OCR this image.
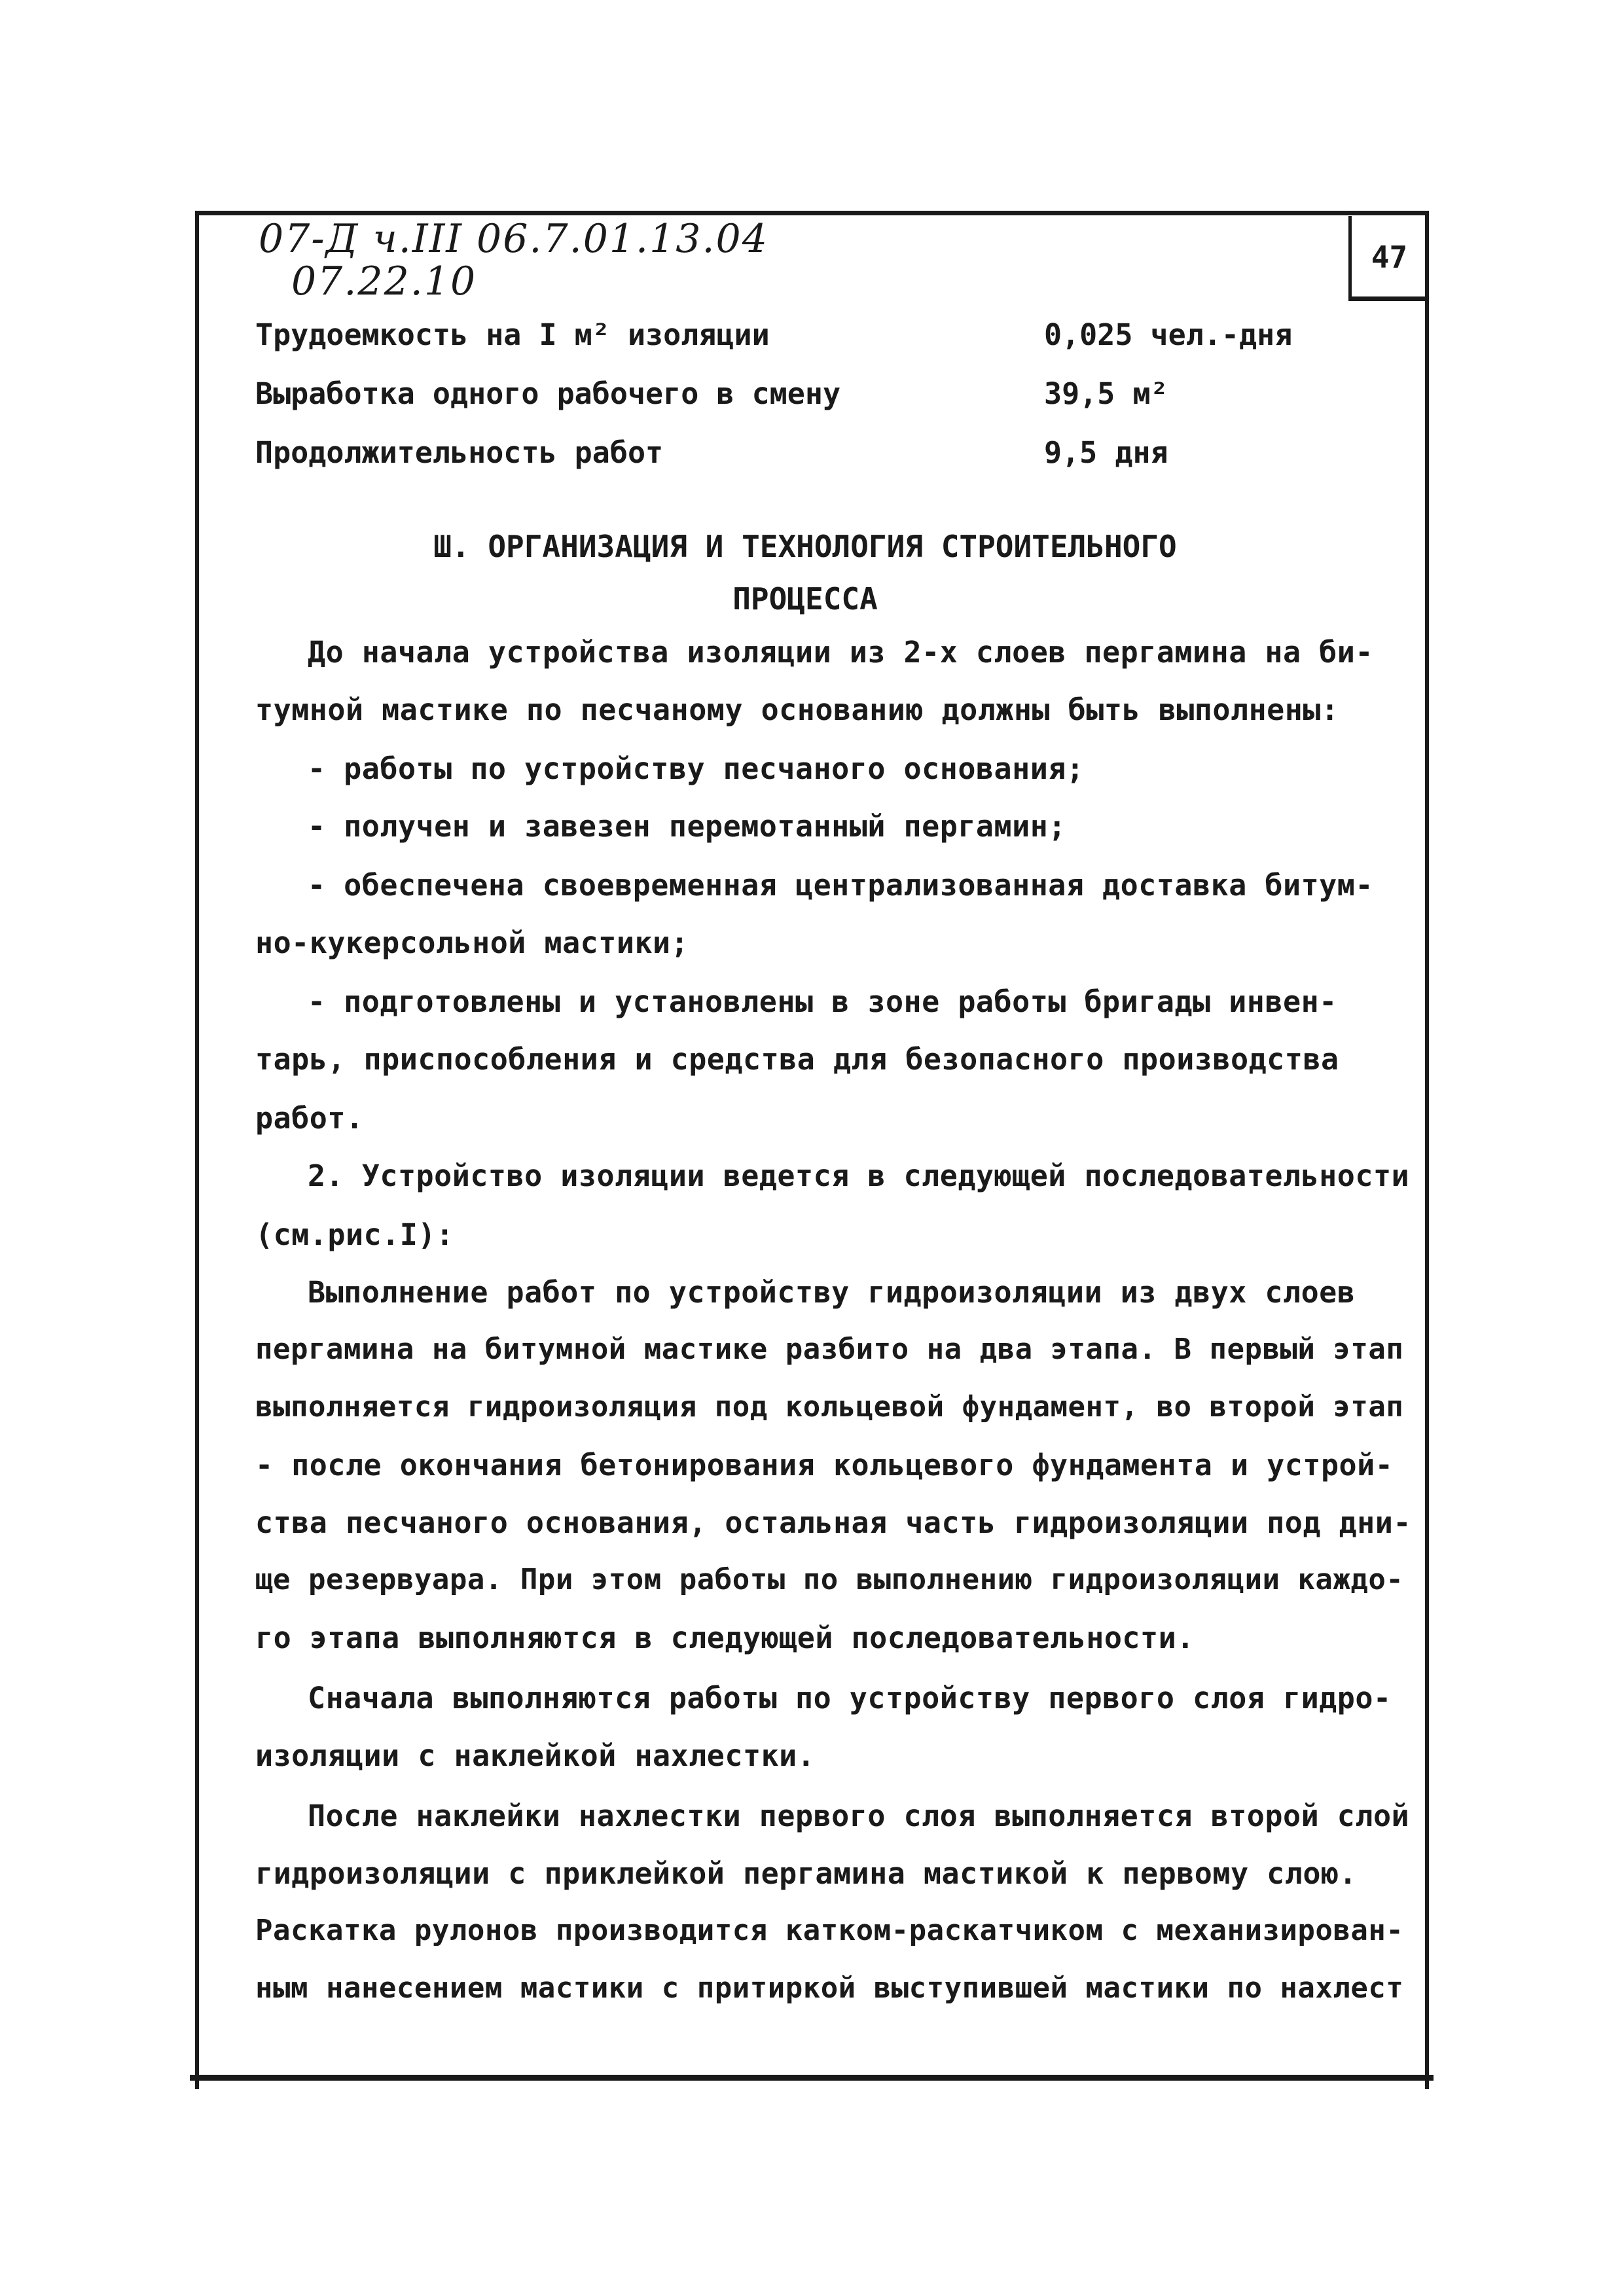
47
07-Д ч.III 06.7.01.13.04
07.22.10
Трудоемкость на I м² изоляции	0,025 чел.-дня
Выработка одного рабочего в смену	39,5 м²
Продолжительность работ	9,5 дня
Ш. ОРГАНИЗАЦИЯ И ТЕХНОЛОГИЯ СТРОИТЕЛЬНОГО
ПРОЦЕССА
До начала устройства изоляции из 2-х слоев пергамина на би-
тумной мастике по песчаному основанию должны быть выполнены:
- работы по устройству песчаного основания;
- получен и завезен перемотанный пергамин;
- обеспечена своевременная централизованная доставка битум-
но-кукерсольной мастики;
- подготовлены и установлены в зоне работы бригады инвен-
тарь, приспособления и средства для безопасного производства
работ.
2. Устройство изоляции ведется в следующей последовательности
(см.рис.I):
Выполнение работ по устройству гидроизоляции из двух слоев
пергамина на битумной мастике разбито на два этапа. В первый этап
выполняется гидроизоляция под кольцевой фундамент, во второй этап
- после окончания бетонирования кольцевого фундамента и устрой-
ства песчаного основания, остальная часть гидроизоляции под дни-
ще резервуара. При этом работы по выполнению гидроизоляции каждо-
го этапа выполняются в следующей последовательности.
Сначала выполняются работы по устройству первого слоя гидро-
изоляции с наклейкой нахлестки.
После наклейки нахлестки первого слоя выполняется второй слой
гидроизоляции с приклейкой пергамина мастикой к первому слою.
Раскатка рулонов производится катком-раскатчиком с механизирован-
ным нанесением мастики с притиркой выступившей мастики по нахлест
